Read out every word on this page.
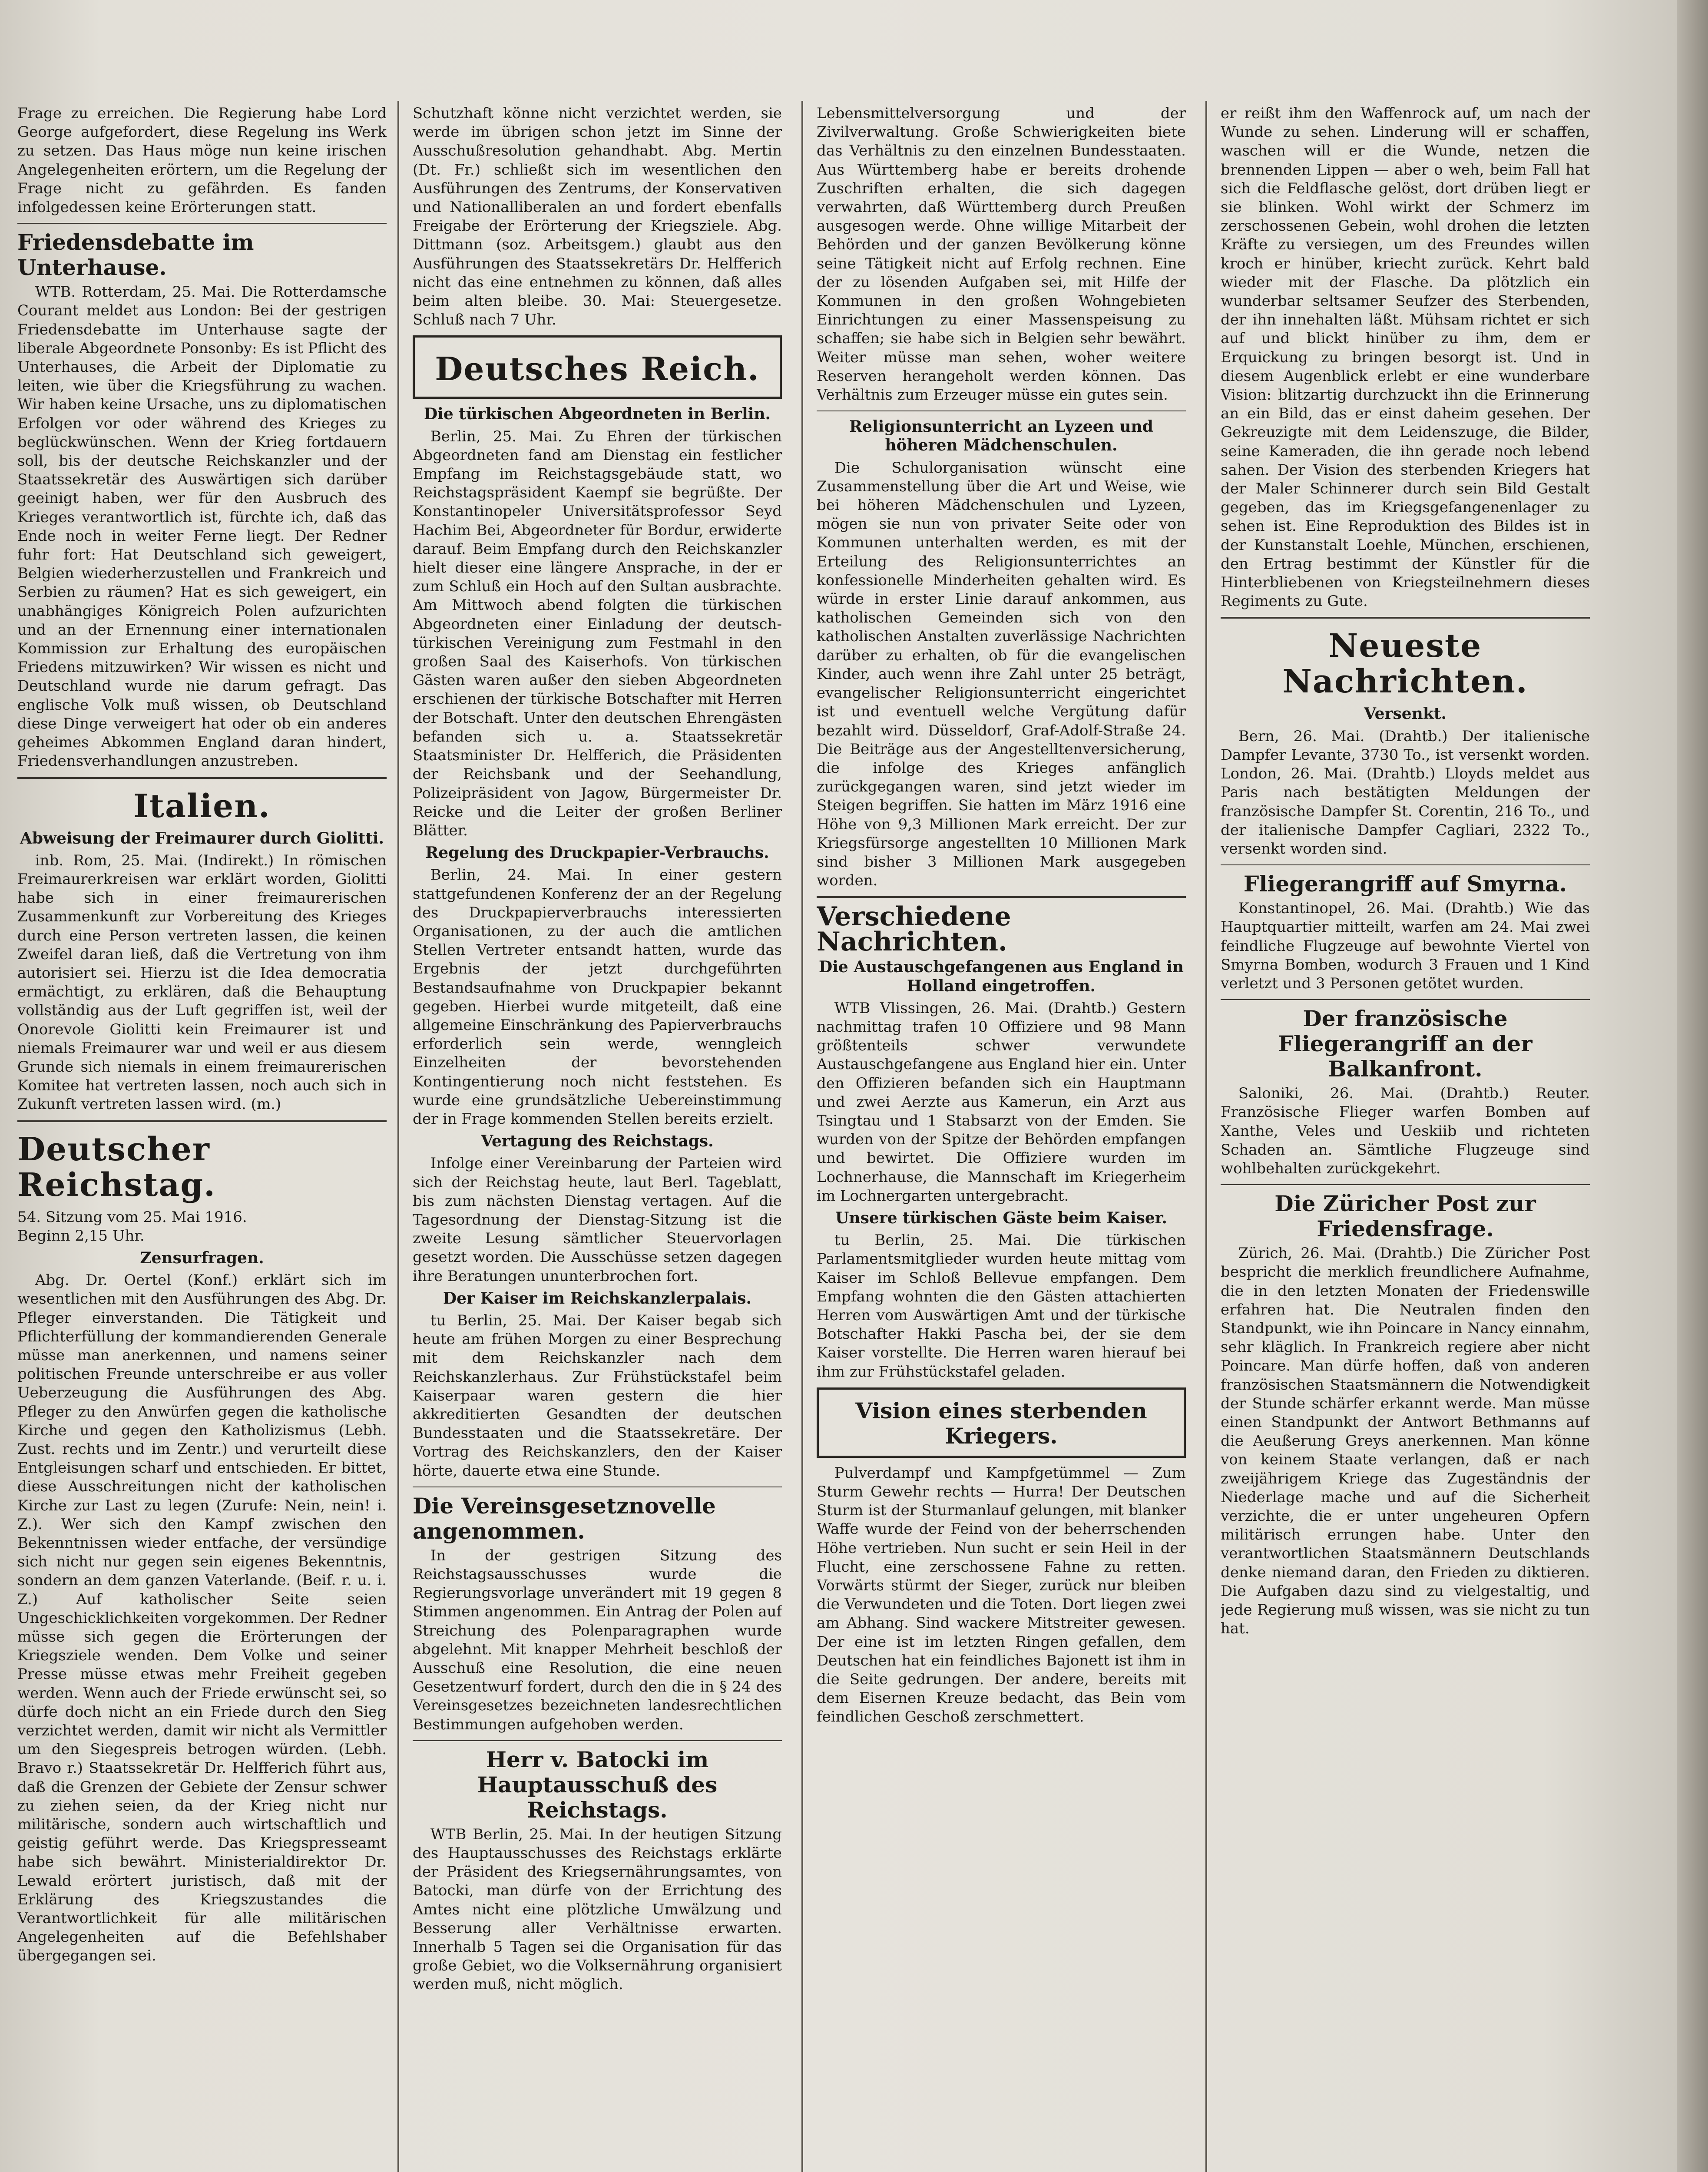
Frage zu erreichen. Die Regierung habe Lord George aufgefordert, diese Regelung ins Werk zu setzen. Das Haus möge nun keine irischen Angelegenheiten erörtern, um die Regelung der Frage nicht zu gefährden. Es fanden infolgedessen keine Erörterungen statt.

Friedensdebatte im Unterhause.

WTB. Rotterdam, 25. Mai. Die Rotterdamsche Courant meldet aus London: Bei der gestrigen Friedensdebatte im Unterhause sagte der liberale Abgeordnete Ponsonby: Es ist Pflicht des Unterhauses, die Arbeit der Diplomatie zu leiten, wie über die Kriegsführung zu wachen. Wir haben keine Ursache, uns zu diplomatischen Erfolgen vor oder während des Krieges zu beglückwünschen. Wenn der Krieg fortdauern soll, bis der deutsche Reichskanzler und der Staatssekretär des Auswärtigen sich darüber geeinigt haben, wer für den Ausbruch des Krieges verantwortlich ist, fürchte ich, daß das Ende noch in weiter Ferne liegt. Der Redner fuhr fort: Hat Deutschland sich geweigert, Belgien wiederherzustellen und Frankreich und Serbien zu räumen? Hat es sich geweigert, ein unabhängiges Königreich Polen aufzurichten und an der Ernennung einer internationalen Kommission zur Erhaltung des europäischen Friedens mitzuwirken? Wir wissen es nicht und Deutschland wurde nie darum gefragt. Das englische Volk muß wissen, ob Deutschland diese Dinge verweigert hat oder ob ein anderes geheimes Abkommen England daran hindert, Friedensverhandlungen anzustreben.

Italien.
Abweisung der Freimaurer durch Giolitti.

inb. Rom, 25. Mai. (Indirekt.) In römischen Freimaurerkreisen war erklärt worden, Giolitti habe sich in einer freimaurerischen Zusammenkunft zur Vorbereitung des Krieges durch eine Person vertreten lassen, die keinen Zweifel daran ließ, daß die Vertretung von ihm autorisiert sei. Hierzu ist die Idea democratia ermächtigt, zu erklären, daß die Behauptung vollständig aus der Luft gegriffen ist, weil der Onorevole Giolitti kein Freimaurer ist und niemals Freimaurer war und weil er aus diesem Grunde sich niemals in einem freimaurerischen Komitee hat vertreten lassen, noch auch sich in Zukunft vertreten lassen wird. (m.)

Deutscher Reichstag.
54. Sitzung vom 25. Mai 1916.
Beginn 2,15 Uhr.
Zensurfragen.

Abg. Dr. Oertel (Konf.) erklärt sich im wesentlichen mit den Ausführungen des Abg. Dr. Pfleger einverstanden. Die Tätigkeit und Pflichterfüllung der kommandierenden Generale müsse man anerkennen, und namens seiner politischen Freunde unterschreibe er aus voller Ueberzeugung die Ausführungen des Abg. Pfleger zu den Anwürfen gegen die katholische Kirche und gegen den Katholizismus (Lebh. Zust. rechts und im Zentr.) und verurteilt diese Entgleisungen scharf und entschieden. Er bittet, diese Ausschreitungen nicht der katholischen Kirche zur Last zu legen (Zurufe: Nein, nein! i. Z.). Wer sich den Kampf zwischen den Bekenntnissen wieder entfache, der versündige sich nicht nur gegen sein eigenes Bekenntnis, sondern an dem ganzen Vaterlande. (Beif. r. u. i. Z.) Auf katholischer Seite seien Ungeschicklichkeiten vorgekommen. Der Redner müsse sich gegen die Erörterungen der Kriegsziele wenden. Dem Volke und seiner Presse müsse etwas mehr Freiheit gegeben werden. Wenn auch der Friede erwünscht sei, so dürfe doch nicht an ein Friede durch den Sieg verzichtet werden, damit wir nicht als Vermittler um den Siegespreis betrogen würden. (Lebh. Bravo r.) Staatssekretär Dr. Helfferich führt aus, daß die Grenzen der Gebiete der Zensur schwer zu ziehen seien, da der Krieg nicht nur militärische, sondern auch wirtschaftlich und geistig geführt werde. Das Kriegspresseamt habe sich bewährt. Ministerialdirektor Dr. Lewald erörtert juristisch, daß mit der Erklärung des Kriegszustandes die Verantwortlichkeit für alle militärischen Angelegenheiten auf die Befehlshaber übergegangen sei.

Schutzhaft könne nicht verzichtet werden, sie werde im übrigen schon jetzt im Sinne der Ausschußresolution gehandhabt. Abg. Mertin (Dt. Fr.) schließt sich im wesentlichen den Ausführungen des Zentrums, der Konservativen und Nationalliberalen an und fordert ebenfalls Freigabe der Erörterung der Kriegsziele. Abg. Dittmann (soz. Arbeitsgem.) glaubt aus den Ausführungen des Staatssekretärs Dr. Helfferich nicht das eine entnehmen zu können, daß alles beim alten bleibe. 30. Mai: Steuergesetze. Schluß nach 7 Uhr.

Deutsches Reich.
Die türkischen Abgeordneten in Berlin.

Berlin, 25. Mai. Zu Ehren der türkischen Abgeordneten fand am Dienstag ein festlicher Empfang im Reichstagsgebäude statt, wo Reichstagspräsident Kaempf sie begrüßte. Der Konstantinopeler Universitätsprofessor Seyd Hachim Bei, Abgeordneter für Bordur, erwiderte darauf. Beim Empfang durch den Reichskanzler hielt dieser eine längere Ansprache, in der er zum Schluß ein Hoch auf den Sultan ausbrachte. Am Mittwoch abend folgten die türkischen Abgeordneten einer Einladung der deutsch-türkischen Vereinigung zum Festmahl in den großen Saal des Kaiserhofs. Von türkischen Gästen waren außer den sieben Abgeordneten erschienen der türkische Botschafter mit Herren der Botschaft. Unter den deutschen Ehrengästen befanden sich u. a. Staatssekretär Staatsminister Dr. Helfferich, die Präsidenten der Reichsbank und der Seehandlung, Polizeipräsident von Jagow, Bürgermeister Dr. Reicke und die Leiter der großen Berliner Blätter.

Regelung des Druckpapier-Verbrauchs.

Berlin, 24. Mai. In einer gestern stattgefundenen Konferenz der an der Regelung des Druckpapierverbrauchs interessierten Organisationen, zu der auch die amtlichen Stellen Vertreter entsandt hatten, wurde das Ergebnis der jetzt durchgeführten Bestandsaufnahme von Druckpapier bekannt gegeben. Hierbei wurde mitgeteilt, daß eine allgemeine Einschränkung des Papierverbrauchs erforderlich sein werde, wenngleich Einzelheiten der bevorstehenden Kontingentierung noch nicht feststehen. Es wurde eine grundsätzliche Uebereinstimmung der in Frage kommenden Stellen bereits erzielt.

Vertagung des Reichstags.

Infolge einer Vereinbarung der Parteien wird sich der Reichstag heute, laut Berl. Tageblatt, bis zum nächsten Dienstag vertagen. Auf die Tagesordnung der Dienstag-Sitzung ist die zweite Lesung sämtlicher Steuervorlagen gesetzt worden. Die Ausschüsse setzen dagegen ihre Beratungen ununterbrochen fort.

Der Kaiser im Reichskanzlerpalais.

tu Berlin, 25. Mai. Der Kaiser begab sich heute am frühen Morgen zu einer Besprechung mit dem Reichskanzler nach dem Reichskanzlerhaus. Zur Frühstückstafel beim Kaiserpaar waren gestern die hier akkreditierten Gesandten der deutschen Bundesstaaten und die Staatssekretäre. Der Vortrag des Reichskanzlers, den der Kaiser hörte, dauerte etwa eine Stunde.

Die Vereinsgesetznovelle angenommen.

In der gestrigen Sitzung des Reichstagsausschusses wurde die Regierungsvorlage unverändert mit 19 gegen 8 Stimmen angenommen. Ein Antrag der Polen auf Streichung des Polenparagraphen wurde abgelehnt. Mit knapper Mehrheit beschloß der Ausschuß eine Resolution, die eine neuen Gesetzentwurf fordert, durch den die in § 24 des Vereinsgesetzes bezeichneten landesrechtlichen Bestimmungen aufgehoben werden.

Herr v. Batocki im Hauptausschuß des Reichstags.

WTB Berlin, 25. Mai. In der heutigen Sitzung des Hauptausschusses des Reichstags erklärte der Präsident des Kriegsernährungsamtes, von Batocki, man dürfe von der Errichtung des Amtes nicht eine plötzliche Umwälzung und Besserung aller Verhältnisse erwarten. Innerhalb 5 Tagen sei die Organisation für das große Gebiet, wo die Volksernährung organisiert werden muß, nicht möglich.

Lebensmittelversorgung und der Zivilverwaltung. Große Schwierigkeiten biete das Verhältnis zu den einzelnen Bundesstaaten. Aus Württemberg habe er bereits drohende Zuschriften erhalten, die sich dagegen verwahrten, daß Württemberg durch Preußen ausgesogen werde. Ohne willige Mitarbeit der Behörden und der ganzen Bevölkerung könne seine Tätigkeit nicht auf Erfolg rechnen. Eine der zu lösenden Aufgaben sei, mit Hilfe der Kommunen in den großen Wohngebieten Einrichtungen zu einer Massenspeisung zu schaffen; sie habe sich in Belgien sehr bewährt. Weiter müsse man sehen, woher weitere Reserven herangeholt werden können. Das Verhältnis zum Erzeuger müsse ein gutes sein.

Religionsunterricht an Lyzeen und höheren Mädchenschulen.

Die Schulorganisation wünscht eine Zusammenstellung über die Art und Weise, wie bei höheren Mädchenschulen und Lyzeen, mögen sie nun von privater Seite oder von Kommunen unterhalten werden, es mit der Erteilung des Religionsunterrichtes an konfessionelle Minderheiten gehalten wird. Es würde in erster Linie darauf ankommen, aus katholischen Gemeinden sich von den katholischen Anstalten zuverlässige Nachrichten darüber zu erhalten, ob für die evangelischen Kinder, auch wenn ihre Zahl unter 25 beträgt, evangelischer Religionsunterricht eingerichtet ist und eventuell welche Vergütung dafür bezahlt wird. Düsseldorf, Graf-Adolf-Straße 24. Die Beiträge aus der Angestelltenversicherung, die infolge des Krieges anfänglich zurückgegangen waren, sind jetzt wieder im Steigen begriffen. Sie hatten im März 1916 eine Höhe von 9,3 Millionen Mark erreicht. Der zur Kriegsfürsorge angestellten 10 Millionen Mark sind bisher 3 Millionen Mark ausgegeben worden.

Verschiedene Nachrichten.
Die Austauschgefangenen aus England in Holland eingetroffen.

WTB Vlissingen, 26. Mai. (Drahtb.) Gestern nachmittag trafen 10 Offiziere und 98 Mann größtenteils schwer verwundete Austauschgefangene aus England hier ein. Unter den Offizieren befanden sich ein Hauptmann und zwei Aerzte aus Kamerun, ein Arzt aus Tsingtau und 1 Stabsarzt von der Emden. Sie wurden von der Spitze der Behörden empfangen und bewirtet. Die Offiziere wurden im Lochnerhause, die Mannschaft im Kriegerheim im Lochnergarten untergebracht.

Unsere türkischen Gäste beim Kaiser.

tu Berlin, 25. Mai. Die türkischen Parlamentsmitglieder wurden heute mittag vom Kaiser im Schloß Bellevue empfangen. Dem Empfang wohnten die den Gästen attachierten Herren vom Auswärtigen Amt und der türkische Botschafter Hakki Pascha bei, der sie dem Kaiser vorstellte. Die Herren waren hierauf bei ihm zur Frühstückstafel geladen.

Vision eines sterbenden Kriegers.

Pulverdampf und Kampfgetümmel — Zum Sturm Gewehr rechts — Hurra! Der Deutschen Sturm ist der Sturmanlauf gelungen, mit blanker Waffe wurde der Feind von der beherrschenden Höhe vertrieben. Nun sucht er sein Heil in der Flucht, eine zerschossene Fahne zu retten. Vorwärts stürmt der Sieger, zurück nur bleiben die Verwundeten und die Toten. Dort liegen zwei am Abhang. Sind wackere Mitstreiter gewesen. Der eine ist im letzten Ringen gefallen, dem Deutschen hat ein feindliches Bajonett ist ihm in die Seite gedrungen. Der andere, bereits mit dem Eisernen Kreuze bedacht, das Bein vom feindlichen Geschoß zerschmettert.

er reißt ihm den Waffenrock auf, um nach der Wunde zu sehen. Linderung will er schaffen, waschen will er die Wunde, netzen die brennenden Lippen — aber o weh, beim Fall hat sich die Feldflasche gelöst, dort drüben liegt er sie blinken. Wohl wirkt der Schmerz im zerschossenen Gebein, wohl drohen die letzten Kräfte zu versiegen, um des Freundes willen kroch er hinüber, kriecht zurück. Kehrt bald wieder mit der Flasche. Da plötzlich ein wunderbar seltsamer Seufzer des Sterbenden, der ihn innehalten läßt. Mühsam richtet er sich auf und blickt hinüber zu ihm, dem er Erquickung zu bringen besorgt ist. Und in diesem Augenblick erlebt er eine wunderbare Vision: blitzartig durchzuckt ihn die Erinnerung an ein Bild, das er einst daheim gesehen. Der Gekreuzigte mit dem Leidenszuge, die Bilder, seine Kameraden, die ihn gerade noch lebend sahen. Der Vision des sterbenden Kriegers hat der Maler Schinnerer durch sein Bild Gestalt gegeben, das im Kriegsgefangenenlager zu sehen ist. Eine Reproduktion des Bildes ist in der Kunstanstalt Loehle, München, erschienen, den Ertrag bestimmt der Künstler für die Hinterbliebenen von Kriegsteilnehmern dieses Regiments zu Gute.

Neueste Nachrichten.
Versenkt.

Bern, 26. Mai. (Drahtb.) Der italienische Dampfer Levante, 3730 To., ist versenkt worden. London, 26. Mai. (Drahtb.) Lloyds meldet aus Paris nach bestätigten Meldungen der französische Dampfer St. Corentin, 216 To., und der italienische Dampfer Cagliari, 2322 To., versenkt worden sind.

Fliegerangriff auf Smyrna.

Konstantinopel, 26. Mai. (Drahtb.) Wie das Hauptquartier mitteilt, warfen am 24. Mai zwei feindliche Flugzeuge auf bewohnte Viertel von Smyrna Bomben, wodurch 3 Frauen und 1 Kind verletzt und 3 Personen getötet wurden.

Der französische Fliegerangriff an der Balkanfront.

Saloniki, 26. Mai. (Drahtb.) Reuter. Französische Flieger warfen Bomben auf Xanthe, Veles und Ueskiib und richteten Schaden an. Sämtliche Flugzeuge sind wohlbehalten zurückgekehrt.

Die Züricher Post zur Friedensfrage.

Zürich, 26. Mai. (Drahtb.) Die Züricher Post bespricht die merklich freundlichere Aufnahme, die in den letzten Monaten der Friedenswille erfahren hat. Die Neutralen finden den Standpunkt, wie ihn Poincare in Nancy einnahm, sehr kläglich. In Frankreich regiere aber nicht Poincare. Man dürfe hoffen, daß von anderen französischen Staatsmännern die Notwendigkeit der Stunde schärfer erkannt werde. Man müsse einen Standpunkt der Antwort Bethmanns auf die Aeußerung Greys anerkennen. Man könne von keinem Staate verlangen, daß er nach zweijährigem Kriege das Zugeständnis der Niederlage mache und auf die Sicherheit verzichte, die er unter ungeheuren Opfern militärisch errungen habe. Unter den verantwortlichen Staatsmännern Deutschlands denke niemand daran, den Frieden zu diktieren. Die Aufgaben dazu sind zu vielgestaltig, und jede Regierung muß wissen, was sie nicht zu tun hat.
